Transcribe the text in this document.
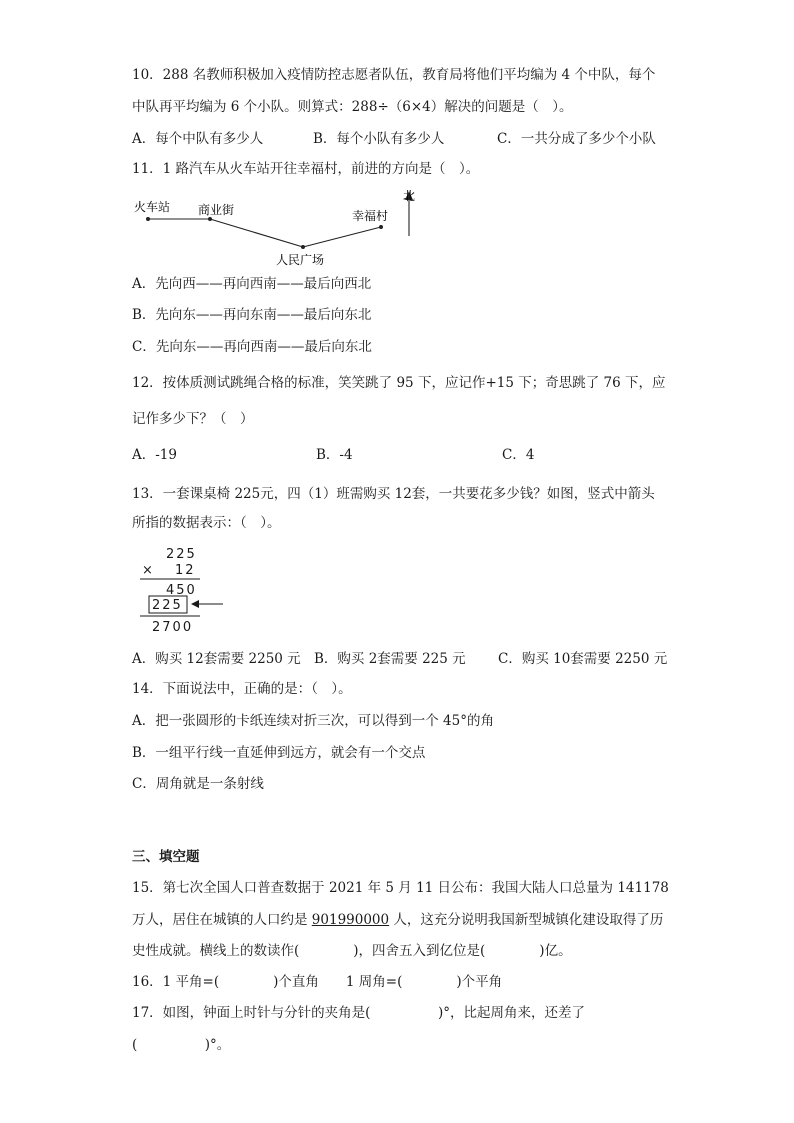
10．288 名教师积极加入疫情防控志愿者队伍，教育局将他们平均编为 4 个中队，每个
中队再平均编为 6 个小队。则算式：288÷（6×4）解决的问题是（　）。
A．每个中队有多少人	B．每个小队有多少人	C．一共分成了多少个小队
11．1 路汽车从火车站开往幸福村，前进的方向是（　）。
火车站 商业街
人民广场
幸福村
北
A．先向西——再向西南——最后向西北
B．先向东——再向东南——最后向东北
C．先向东——再向西南——最后向东北
12．按体质测试跳绳合格的标准，笑笑跳了 95 下，应记作+15 下；奇思跳了 76 下，应
记作多少下？（　）
A．-19	B．-4	C．4
13．一套课桌椅 225元，四（1）班需购买 12套，一共要花多少钱？如图，竖式中箭头
所指的数据表示：（　）。
225
× 12
450
225
2700
A．购买 12套需要 2250 元 B．购买 2套需要 225 元 C．购买 10套需要 2250 元
14．下面说法中，正确的是：（　）。
A．把一张圆形的卡纸连续对折三次，可以得到一个 45°的角
B．一组平行线一直延伸到远方，就会有一个交点
C．周角就是一条射线
三、填空题
15．第七次全国人口普查数据于 2021 年 5 月 11 日公布：我国大陆人口总量为 141178
万人，居住在城镇的人口约是 901990000 人，这充分说明我国新型城镇化建设取得了历
史性成就。横线上的数读作(　　　　)，四舍五入到亿位是(　　　　)亿。
16．1 平角=(　　　　)个直角　　1 周角=(　　　　)个平角
17．如图，钟面上时针与分针的夹角是(　　　　　)°，比起周角来，还差了
(　　　　　)°。
